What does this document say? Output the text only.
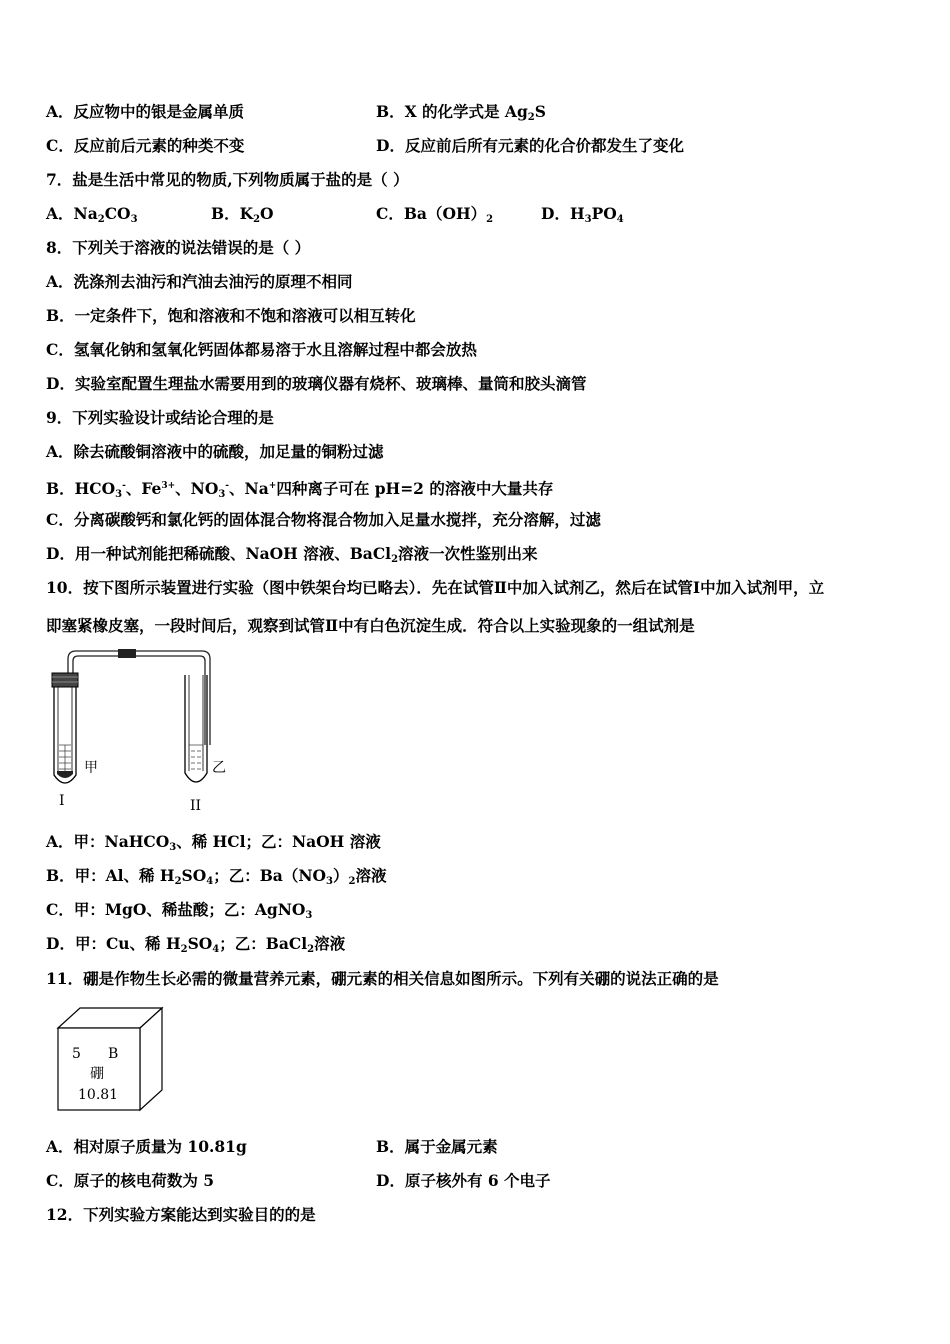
A．反应物中的银是金属单质	B．X 的化学式是 $Ag_2S$
C．反应前后元素的种类不变	D．反应前后所有元素的化合价都发生了变化
7．盐是生活中常见的物质,下列物质属于盐的是（ ）
A．$Na_2CO_3$	B．$K_2O$	C．$Ba(OH)_2$	D．$H_3PO_4$
8．下列关于溶液的说法错误的是（ ）
A．洗涤剂去油污和汽油去油污的原理不相同
B．一定条件下，饱和溶液和不饱和溶液可以相互转化
C．氢氧化钠和氢氧化钙固体都易溶于水且溶解过程中都会放热
D．实验室配置生理盐水需要用到的玻璃仪器有烧杯、玻璃棒、量筒和胶头滴管
9．下列实验设计或结论合理的是
A．除去硫酸铜溶液中的硫酸，加足量的铜粉过滤
B．$HCO_3^-$、$Fe^{3+}$、$NO_3^-$、Na+四种离子可在 pH=2 的溶液中大量共存
C．分离碳酸钙和氯化钙的固体混合物将混合物加入足量水搅拌，充分溶解，过滤
D．用一种试剂能把稀硫酸、NaOH 溶液、BaCl$_2$溶液一次性鉴别出来
10．按下图所示装置进行实验（图中铁架台均已略去）．先在试管Ⅱ中加入试剂乙，然后在试管Ⅰ中加入试剂甲，立
即塞紧橡皮塞，一段时间后，观察到试管Ⅱ中有白色沉淀生成．符合以上实验现象的一组试剂是
甲	乙
I	II
A．甲：NaHCO$_3$、稀 HCl；乙：NaOH 溶液
B．甲：Al、稀 $H_2SO_4$；乙：$Ba(NO_3)_2$溶液
C．甲：MgO、稀盐酸；乙：AgNO$_3$
D．甲：Cu、稀 $H_2SO_4$；乙：BaCl$_2$溶液
11．硼是作物生长必需的微量营养元素，硼元素的相关信息如图所示。下列有关硼的说法正确的是
5 B
硼
10.81
A．相对原子质量为 10.81g	B．属于金属元素
C．原子的核电荷数为 5	D．原子核外有 6 个电子
12．下列实验方案能达到实验目的的是
